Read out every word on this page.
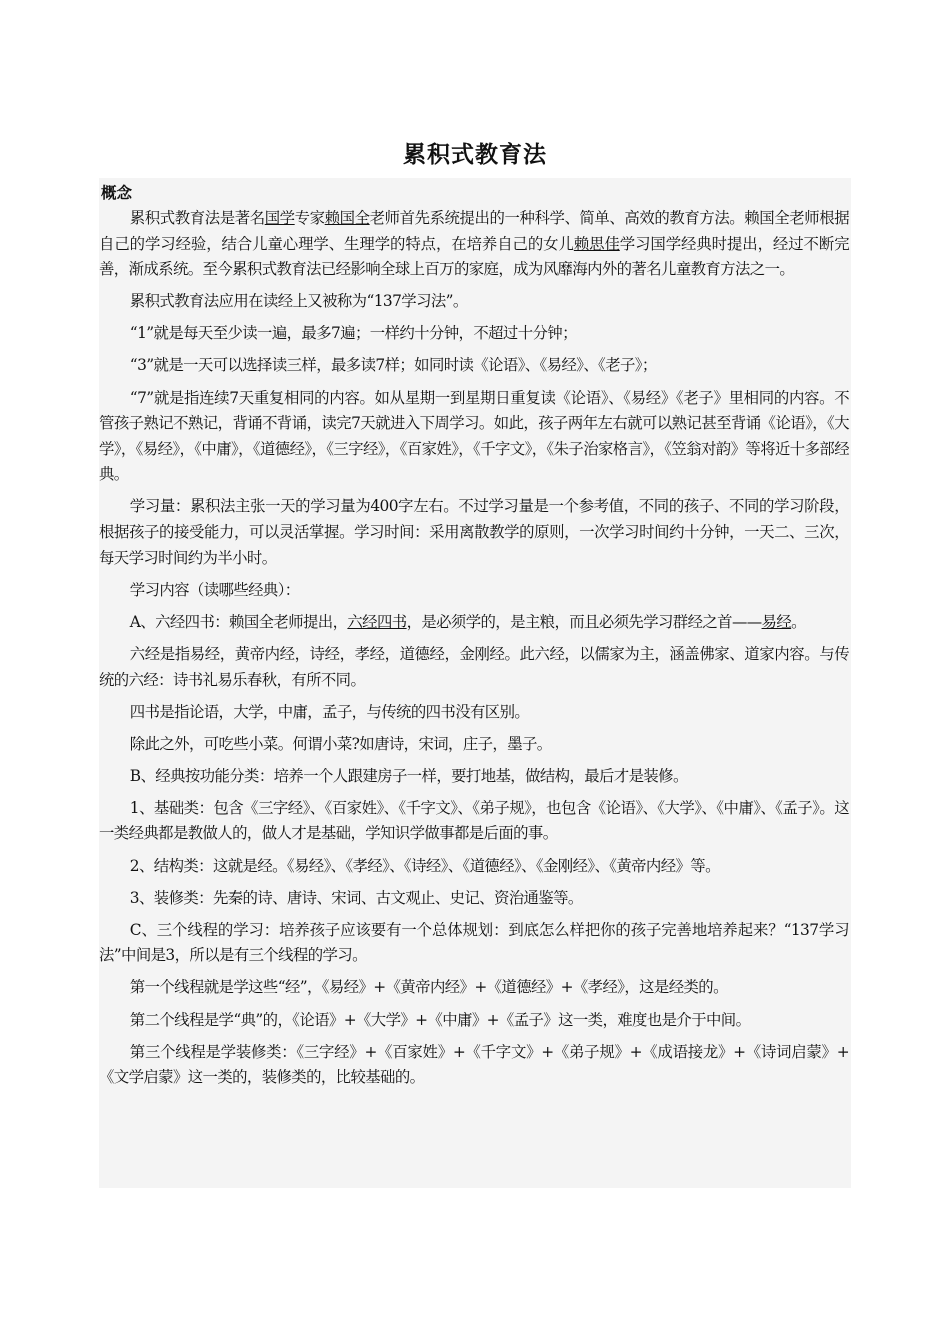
累积式教育法
概念
累积式教育法是著名国学专家赖国全老师首先系统提出的一种科学、简单、高效的教育方法。赖国全老师根据自己的学习经验，结合儿童心理学、生理学的特点，在培养自己的女儿赖思佳学习国学经典时提出，经过不断完善，渐成系统。至今累积式教育法已经影响全球上百万的家庭，成为风靡海内外的著名儿童教育方法之一。
累积式教育法应用在读经上又被称为“137学习法”。
“1”就是每天至少读一遍，最多7遍；一样约十分钟，不超过十分钟；
“3”就是一天可以选择读三样，最多读7样；如同时读《论语》、《易经》、《老子》；
“7”就是指连续7天重复相同的内容。如从星期一到星期日重复读《论语》、《易经》《老子》里相同的内容。不管孩子熟记不熟记，背诵不背诵，读完7天就进入下周学习。如此，孩子两年左右就可以熟记甚至背诵《论语》，《大学》，《易经》，《中庸》，《道德经》，《三字经》，《百家姓》，《千字文》，《朱子治家格言》，《笠翁对韵》等将近十多部经典。
学习量：累积法主张一天的学习量为400字左右。不过学习量是一个参考值，不同的孩子、不同的学习阶段，根据孩子的接受能力，可以灵活掌握。学习时间：采用离散教学的原则，一次学习时间约十分钟，一天二、三次，每天学习时间约为半小时。
学习内容（读哪些经典）：
A、六经四书：赖国全老师提出，六经四书，是必须学的，是主粮，而且必须先学习群经之首——易经。
六经是指易经，黄帝内经，诗经，孝经，道德经，金刚经。此六经，以儒家为主，涵盖佛家、道家内容。与传统的六经：诗书礼易乐春秋，有所不同。
四书是指论语，大学，中庸，孟子，与传统的四书没有区别。
除此之外，可吃些小菜。何谓小菜?如唐诗，宋词，庄子，墨子。
B、经典按功能分类：培养一个人跟建房子一样，要打地基，做结构，最后才是装修。
1、基础类：包含《三字经》、《百家姓》、《千字文》、《弟子规》，也包含《论语》、《大学》、《中庸》、《孟子》。这一类经典都是教做人的，做人才是基础，学知识学做事都是后面的事。
2、结构类：这就是经。《易经》、《孝经》、《诗经》、《道德经》、《金刚经》、《黄帝内经》等。
3、装修类：先秦的诗、唐诗、宋词、古文观止、史记、资治通鉴等。
C、三个线程的学习：培养孩子应该要有一个总体规划：到底怎么样把你的孩子完善地培养起来？“137学习法”中间是3，所以是有三个线程的学习。
第一个线程就是学这些“经”，《易经》+《黄帝内经》+《道德经》+《孝经》，这是经类的。
第二个线程是学“典”的，《论语》+《大学》+《中庸》+《孟子》这一类，难度也是介于中间。
第三个线程是学装修类：《三字经》+《百家姓》+《千字文》+《弟子规》+《成语接龙》+《诗词启蒙》+《文学启蒙》这一类的，装修类的，比较基础的。
